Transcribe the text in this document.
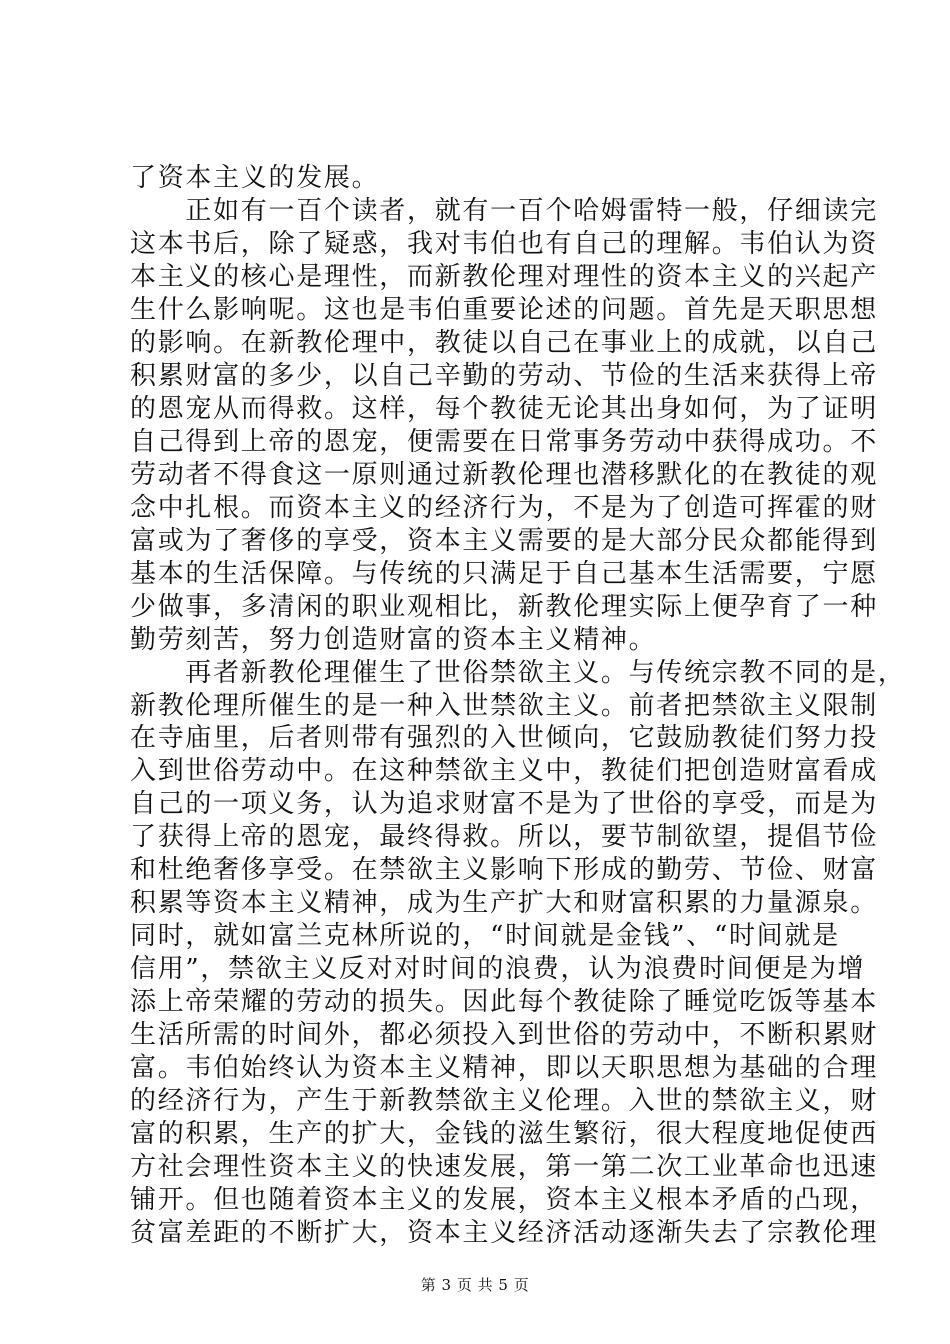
了资本主义的发展。
　　正如有一百个读者，就有一百个哈姆雷特一般，仔细读完
这本书后，除了疑惑，我对韦伯也有自己的理解。韦伯认为资
本主义的核心是理性，而新教伦理对理性的资本主义的兴起产
生什么影响呢。这也是韦伯重要论述的问题。首先是天职思想
的影响。在新教伦理中，教徒以自己在事业上的成就，以自己
积累财富的多少，以自己辛勤的劳动、节俭的生活来获得上帝
的恩宠从而得救。这样，每个教徒无论其出身如何，为了证明
自己得到上帝的恩宠，便需要在日常事务劳动中获得成功。不
劳动者不得食这一原则通过新教伦理也潜移默化的在教徒的观
念中扎根。而资本主义的经济行为，不是为了创造可挥霍的财
富或为了奢侈的享受，资本主义需要的是大部分民众都能得到
基本的生活保障。与传统的只满足于自己基本生活需要，宁愿
少做事，多清闲的职业观相比，新教伦理实际上便孕育了一种
勤劳刻苦，努力创造财富的资本主义精神。
　　再者新教伦理催生了世俗禁欲主义。与传统宗教不同的是，
新教伦理所催生的是一种入世禁欲主义。前者把禁欲主义限制
在寺庙里，后者则带有强烈的入世倾向，它鼓励教徒们努力投
入到世俗劳动中。在这种禁欲主义中，教徒们把创造财富看成
自己的一项义务，认为追求财富不是为了世俗的享受，而是为
了获得上帝的恩宠，最终得救。所以，要节制欲望，提倡节俭
和杜绝奢侈享受。在禁欲主义影响下形成的勤劳、节俭、财富
积累等资本主义精神，成为生产扩大和财富积累的力量源泉。
同时，就如富兰克林所说的，“时间就是金钱”、“时间就是
信用”，禁欲主义反对对时间的浪费，认为浪费时间便是为增
添上帝荣耀的劳动的损失。因此每个教徒除了睡觉吃饭等基本
生活所需的时间外，都必须投入到世俗的劳动中，不断积累财
富。韦伯始终认为资本主义精神，即以天职思想为基础的合理
的经济行为，产生于新教禁欲主义伦理。入世的禁欲主义，财
富的积累，生产的扩大，金钱的滋生繁衍，很大程度地促使西
方社会理性资本主义的快速发展，第一第二次工业革命也迅速
铺开。但也随着资本主义的发展，资本主义根本矛盾的凸现，
贫富差距的不断扩大，资本主义经济活动逐渐失去了宗教伦理
第 3 页 共 5 页
